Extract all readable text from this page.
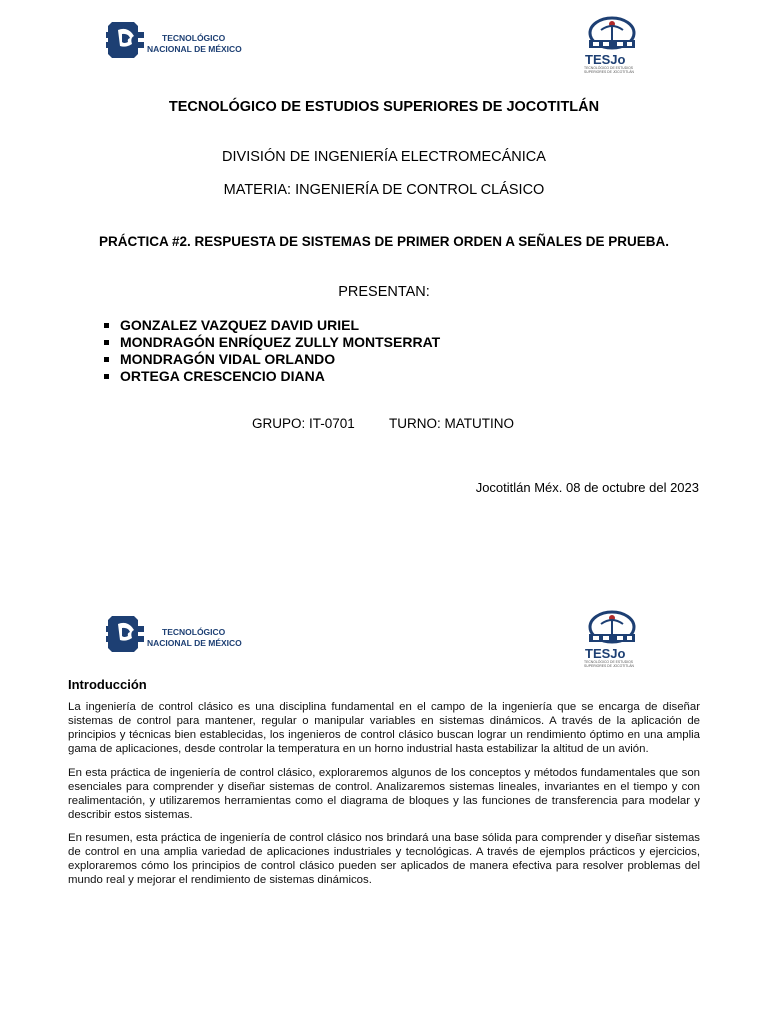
TECNOLÓGICO
NACIONAL DE MÉXICO
TESJo
TECNOLÓGICO DE ESTUDIOS
SUPERIORES DE JOCOTITLÁN
TECNOLÓGICO DE ESTUDIOS SUPERIORES DE JOCOTITLÁN
DIVISIÓN DE INGENIERÍA ELECTROMECÁNICA
MATERIA: INGENIERÍA DE CONTROL CLÁSICO
PRÁCTICA #2. RESPUESTA DE SISTEMAS DE PRIMER ORDEN A SEÑALES DE PRUEBA.
PRESENTAN:
GONZALEZ VAZQUEZ DAVID URIEL
MONDRAGÓN ENRÍQUEZ ZULLY MONTSERRAT
MONDRAGÓN VIDAL ORLANDO
ORTEGA CRESCENCIO DIANA
GRUPO: IT-0701	TURNO: MATUTINO
Jocotitlán Méx. 08 de octubre del 2023
TECNOLÓGICO
NACIONAL DE MÉXICO
TESJo
TECNOLÓGICO DE ESTUDIOS
SUPERIORES DE JOCOTITLÁN
Introducción
La ingeniería de control clásico es una disciplina fundamental en el campo de la ingeniería que se encarga de diseñar sistemas de control para mantener, regular o manipular variables en sistemas dinámicos. A través de la aplicación de principios y técnicas bien establecidas, los ingenieros de control clásico buscan lograr un rendimiento óptimo en una amplia gama de aplicaciones, desde controlar la temperatura en un horno industrial hasta estabilizar la altitud de un avión.
En esta práctica de ingeniería de control clásico, exploraremos algunos de los conceptos y métodos fundamentales que son esenciales para comprender y diseñar sistemas de control. Analizaremos sistemas lineales, invariantes en el tiempo y con realimentación, y utilizaremos herramientas como el diagrama de bloques y las funciones de transferencia para modelar y describir estos sistemas.
En resumen, esta práctica de ingeniería de control clásico nos brindará una base sólida para comprender y diseñar sistemas de control en una amplia variedad de aplicaciones industriales y tecnológicas. A través de ejemplos prácticos y ejercicios, exploraremos cómo los principios de control clásico pueden ser aplicados de manera efectiva para resolver problemas del mundo real y mejorar el rendimiento de sistemas dinámicos.
